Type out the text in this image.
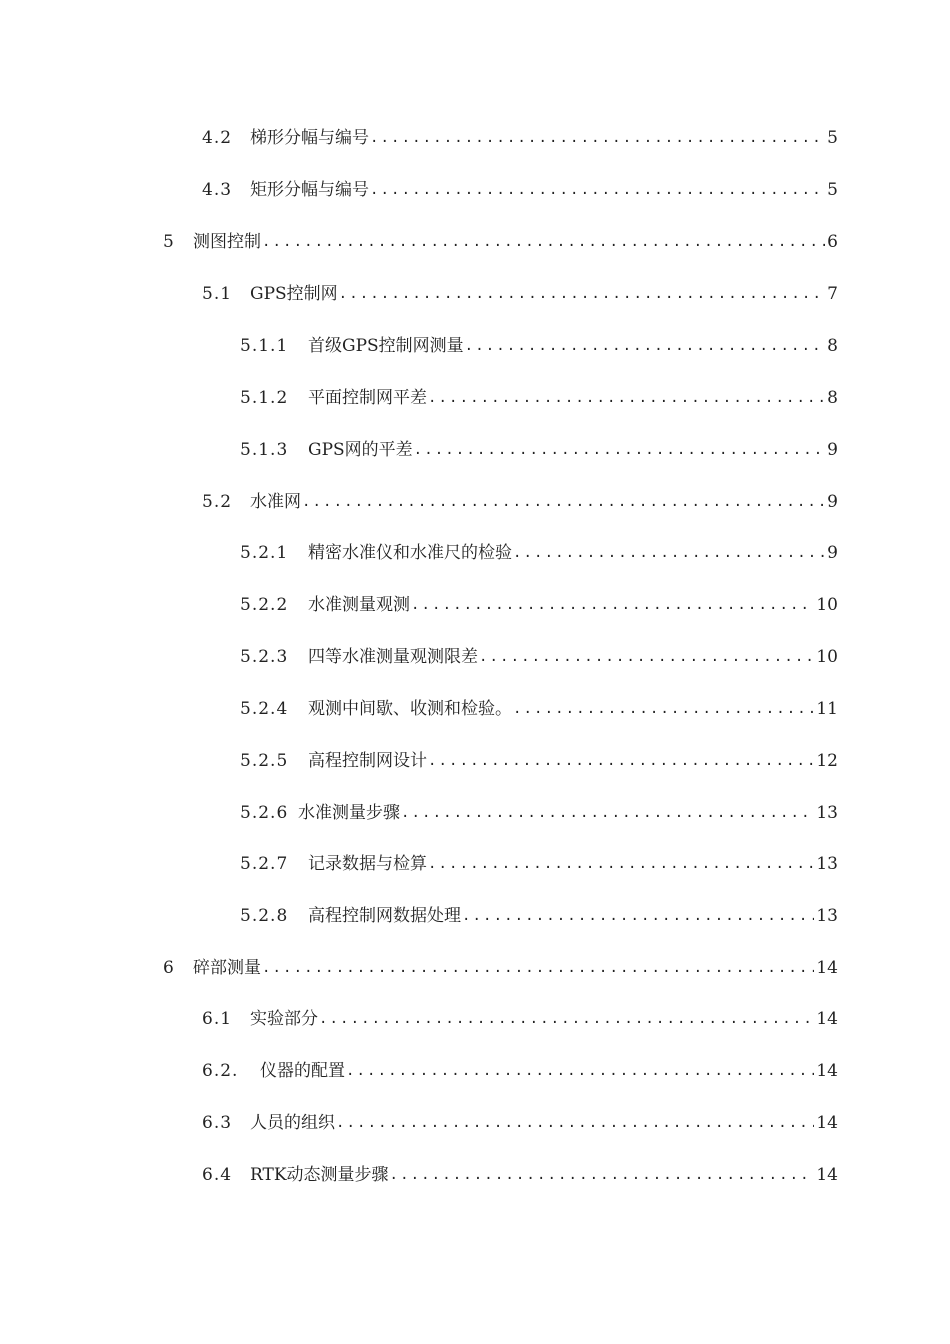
4.2	梯形分幅与编号 .....	5
4.3	矩形分幅与编号 .....	5
5	测图控制 .....	6
5.1	GPS控制网 .....	7
5.1.1	首级GPS控制网测量 .....	8
5.1.2	平面控制网平差 .....	8
5.1.3	GPS网的平差 .....	9
5.2	水准网 .....	9
5.2.1	精密水准仪和水准尺的检验 .....	9
5.2.2	水准测量观测 .....	10
5.2.3	四等水准测量观测限差 .....	10
5.2.4	观测中间歇、收测和检验。 .....	11
5.2.5	高程控制网设计 .....	12
5.2.6 水准测量步骤 .....	13
5.2.7	记录数据与检算 .....	13
5.2.8	高程控制网数据处理 .....	13
6	碎部测量 .....	14
6.1	实验部分 .....	14
6.2.	仪器的配置 .....	14
6.3	人员的组织 .....	14
6.4	RTK动态测量步骤 .....	14
